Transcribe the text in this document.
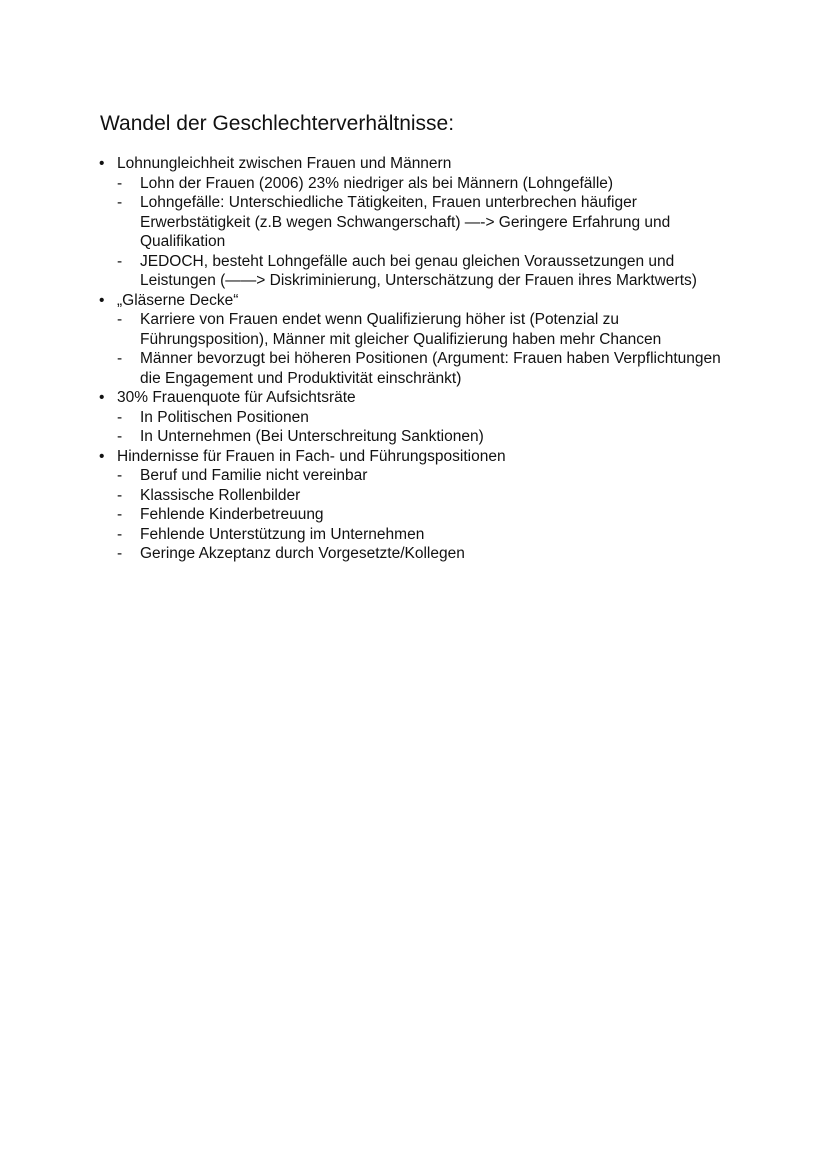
Wandel der Geschlechterverhältnisse:
• Lohnungleichheit zwischen Frauen und Männern
- Lohn der Frauen (2006) 23% niedriger als bei Männern (Lohngefälle)
- Lohngefälle: Unterschiedliche Tätigkeiten, Frauen unterbrechen häufiger Erwerbstätigkeit (z.B wegen Schwangerschaft) —-> Geringere Erfahrung und Qualifikation
- JEDOCH, besteht Lohngefälle auch bei genau gleichen Voraussetzungen und Leistungen (——> Diskriminierung, Unterschätzung der Frauen ihres Marktwerts)
• „Gläserne Decke“
- Karriere von Frauen endet wenn Qualifizierung höher ist (Potenzial zu Führungsposition), Männer mit gleicher Qualifizierung haben mehr Chancen
- Männer bevorzugt bei höheren Positionen (Argument: Frauen haben Verpflichtungen die Engagement und Produktivität einschränkt)
• 30% Frauenquote für Aufsichtsräte
- In Politischen Positionen
- In Unternehmen (Bei Unterschreitung Sanktionen)
• Hindernisse für Frauen in Fach- und Führungspositionen
- Beruf und Familie nicht vereinbar
- Klassische Rollenbilder
- Fehlende Kinderbetreuung
- Fehlende Unterstützung im Unternehmen
- Geringe Akzeptanz durch Vorgesetzte/Kollegen
